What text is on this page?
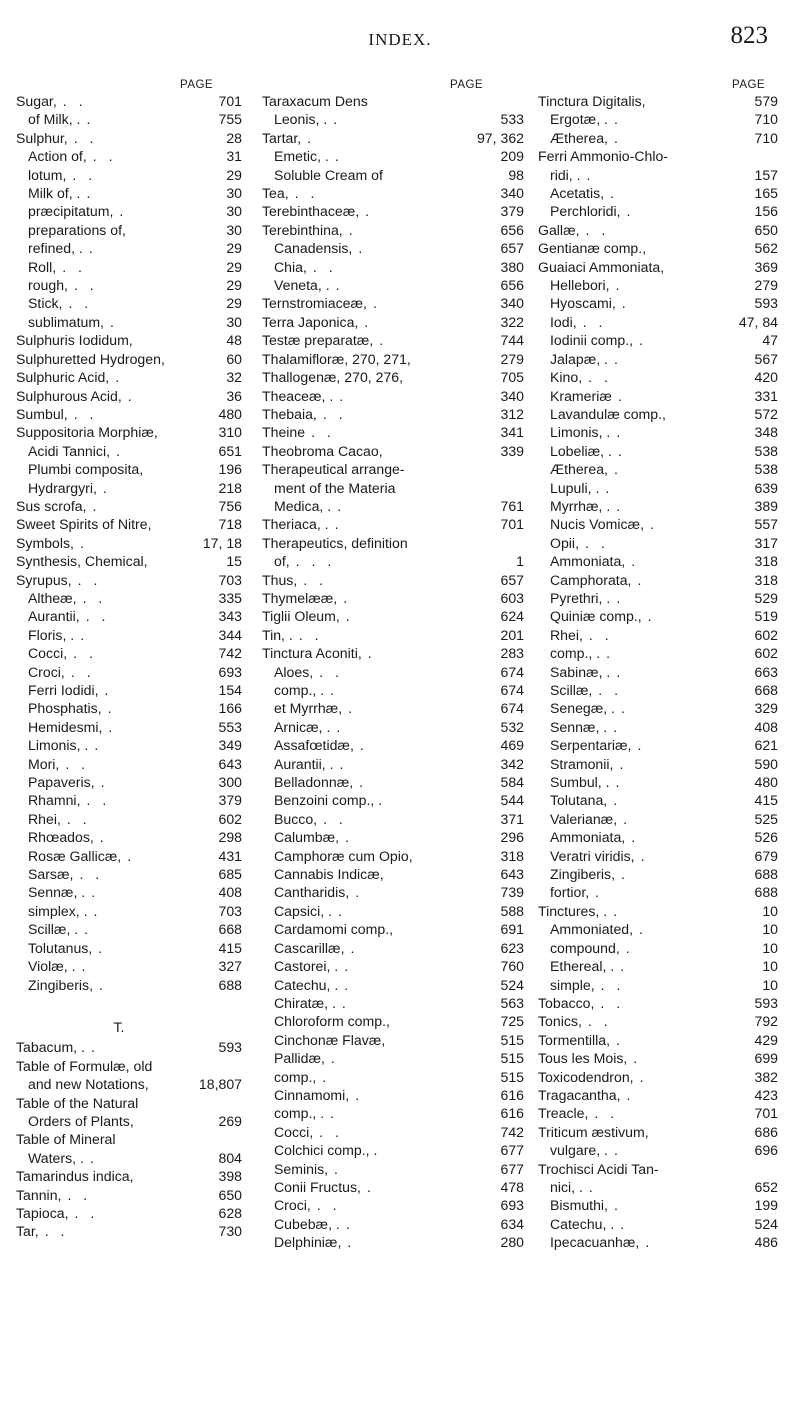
INDEX.	823
PAGE
Sugar, . .	701
of Milk, . .	755
Sulphur, . .	28
Action of, . .	31
lotum, . .	29
Milk of, . .	30
præcipitatum, .	30
preparations of,	30
refined, . .	29
Roll, . .	29
rough, . .	29
Stick, . .	29
sublimatum, .	30
Sulphuris Iodidum,	48
Sulphuretted Hydrogen,	60
Sulphuric Acid, .	32
Sulphurous Acid, .	36
Sumbul, . .	480
Suppositoria Morphiæ,	310
Acidi Tannici, .	651
Plumbi composita,	196
Hydrargyri, .	218
Sus scrofa, .	756
Sweet Spirits of Nitre,	718
Symbols, .	17, 18
Synthesis, Chemical,	15
Syrupus, . .	703
Altheæ, . .	335
Aurantii, . .	343
Floris, . .	344
Cocci, . .	742
Croci, . .	693
Ferri Iodidi, .	154
Phosphatis, .	166
Hemidesmi, .	553
Limonis, . .	349
Mori, . .	643
Papaveris, .	300
Rhamni, . .	379
Rhei, . .	602
Rhœados, .	298
Rosæ Gallicæ, .	431
Sarsæ, . .	685
Sennæ, . .	408
simplex, . .	703
Scillæ, . .	668
Tolutanus, .	415
Violæ, . .	327
Zingiberis, .	688
T.
Tabacum, . .	593
Table of Formulæ, old
and new Notations,	18,807
Table of the Natural
Orders of Plants,	269
Table of Mineral
Waters, . .	804
Tamarindus indica,	398
Tannin, . .	650
Tapioca, . .	628
Tar, . .	730
PAGE
Taraxacum Dens
Leonis, . .	533
Tartar, .	97, 362
Emetic, . .	209
Soluble Cream of	98
Tea, . .	340
Terebinthaceæ, .	379
Terebinthina, .	656
Canadensis, .	657
Chia, . .	380
Veneta, . .	656
Ternstromiaceæ, .	340
Terra Japonica, .	322
Testæ preparatæ, .	744
Thalamifloræ, 270, 271,	279
Thallogenæ, 270, 276,	705
Theaceæ, . .	340
Thebaia, . .	312
Theine . .	341
Theobroma Cacao,	339
Therapeutical arrange-
ment of the Materia
Medica, . .	761
Theriaca, . .	701
Therapeutics, definition
of, . . .	1
Thus, . .	657
Thymelææ, .	603
Tiglii Oleum, .	624
Tin, . . .	201
Tinctura Aconiti, .	283
Aloes, . .	674
comp., . .	674
et Myrrhæ, .	674
Arnicæ, . .	532
Assafœtidæ, .	469
Aurantii, . .	342
Belladonnæ, .	584
Benzoini comp., .	544
Bucco, . .	371
Calumbæ, .	296
Camphoræ cum Opio,	318
Cannabis Indicæ,	643
Cantharidis, .	739
Capsici, . .	588
Cardamomi comp.,	691
Cascarillæ, .	623
Castorei, . .	760
Catechu, . .	524
Chiratæ, . .	563
Chloroform comp.,	725
Cinchonæ Flavæ,	515
Pallidæ, .	515
comp., .	515
Cinnamomi, .	616
comp., . .	616
Cocci, . .	742
Colchici comp., .	677
Seminis, .	677
Conii Fructus, .	478
Croci, . .	693
Cubebæ, . .	634
Delphiniæ, .	280
PAGE
Tinctura Digitalis,	579
Ergotæ, . .	710
Ætherea, .	710
Ferri Ammonio-Chlo-
ridi, . .	157
Acetatis, .	165
Perchloridi, .	156
Gallæ, . .	650
Gentianæ comp.,	562
Guaiaci Ammoniata,	369
Hellebori, .	279
Hyoscami, .	593
Iodi, . .	47, 84
Iodinii comp., .	47
Jalapæ, . .	567
Kino, . .	420
Krameriæ .	331
Lavandulæ comp.,	572
Limonis, . .	348
Lobeliæ, . .	538
Ætherea, .	538
Lupuli, . .	639
Myrrhæ, . .	389
Nucis Vomicæ, .	557
Opii, . .	317
Ammoniata, .	318
Camphorata, .	318
Pyrethri, . .	529
Quiniæ comp., .	519
Rhei, . .	602
comp., . .	602
Sabinæ, . .	663
Scillæ, . .	668
Senegæ, . .	329
Sennæ, . .	408
Serpentariæ, .	621
Stramonii, .	590
Sumbul, . .	480
Tolutana, .	415
Valerianæ, .	525
Ammoniata, .	526
Veratri viridis, .	679
Zingiberis, .	688
fortior, .	688
Tinctures, . .	10
Ammoniated, .	10
compound, .	10
Ethereal, . .	10
simple, . .	10
Tobacco, . .	593
Tonics, . .	792
Tormentilla, .	429
Tous les Mois, .	699
Toxicodendron, .	382
Tragacantha, .	423
Treacle, . .	701
Triticum æstivum,	686
vulgare, . .	696
Trochisci Acidi Tan-
nici, . .	652
Bismuthi, .	199
Catechu, . .	524
Ipecacuanhæ, .	486
